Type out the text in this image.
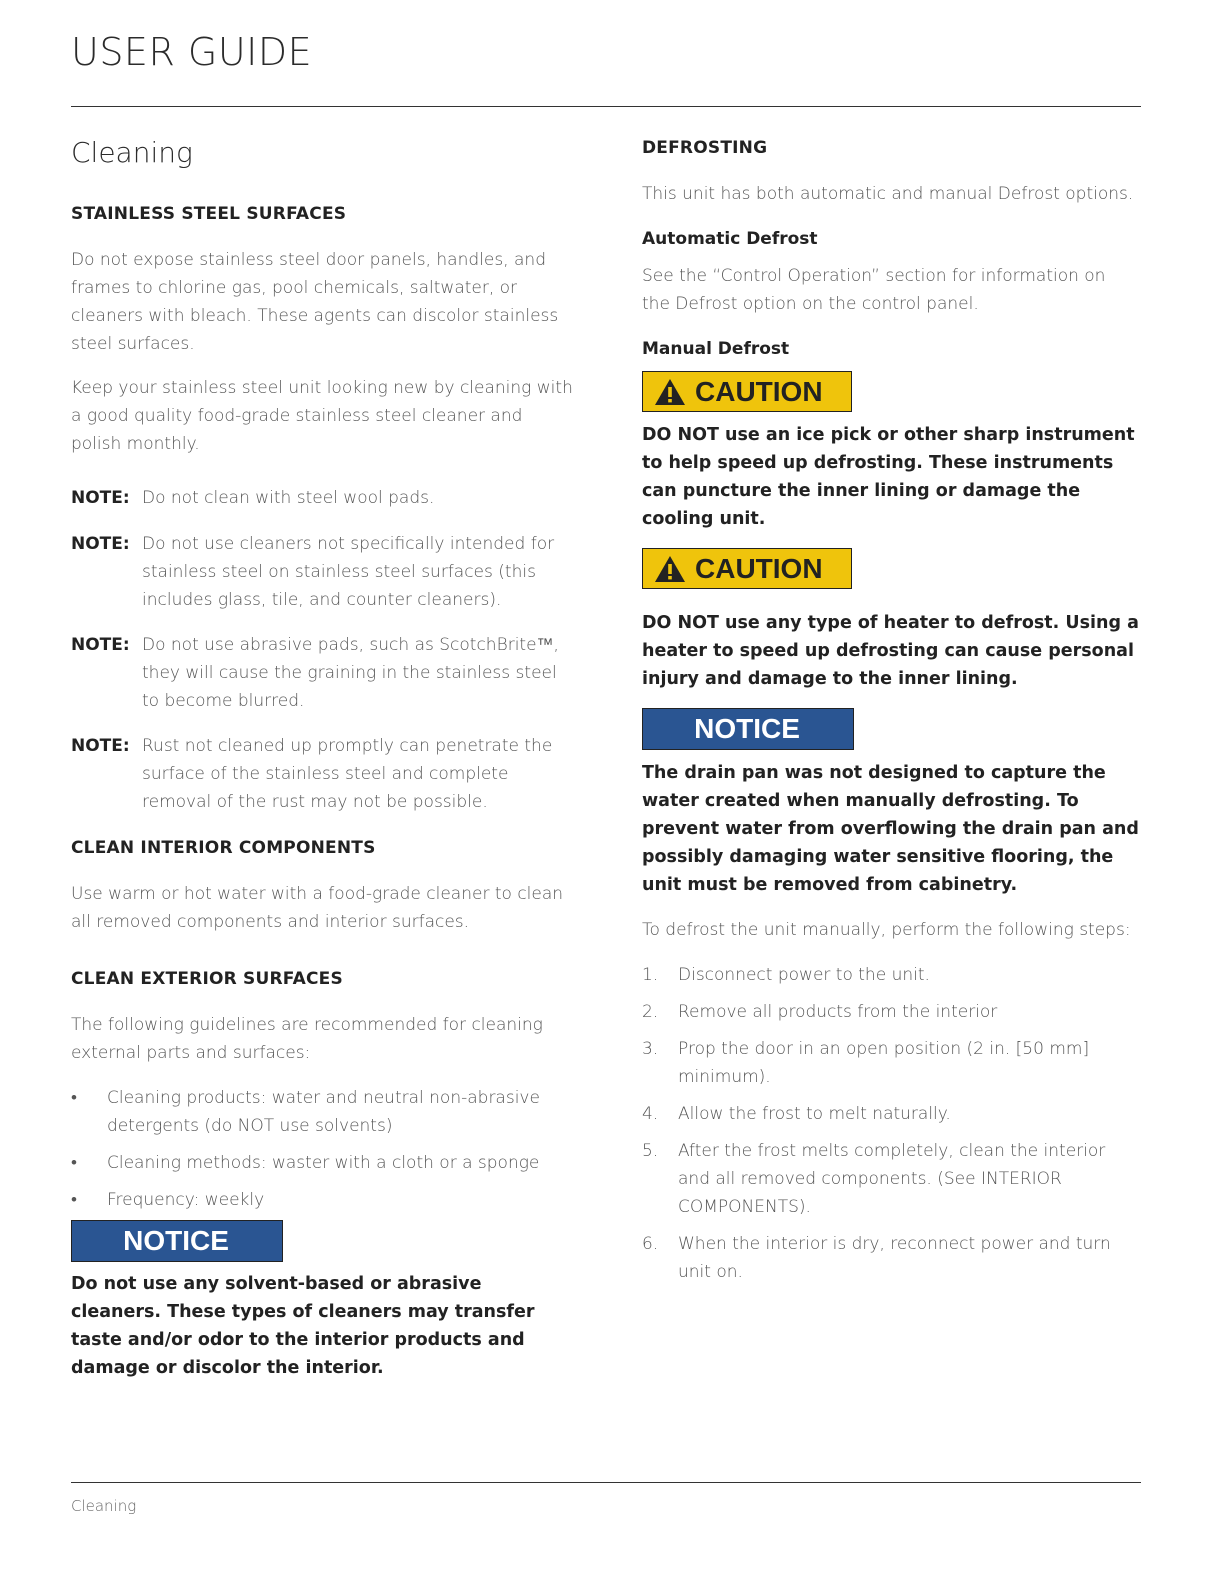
USER GUIDE
Cleaning
STAINLESS STEEL SURFACES

Do not expose stainless steel door panels, handles, and frames to chlorine gas, pool chemicals, saltwater, or cleaners with bleach. These agents can discolor stainless steel surfaces.

Keep your stainless steel unit looking new by cleaning with a good quality food-grade stainless steel cleaner and polish monthly.

NOTE: Do not clean with steel wool pads.
NOTE: Do not use cleaners not specifically intended for stainless steel on stainless steel surfaces (this includes glass, tile, and counter cleaners).
NOTE: Do not use abrasive pads, such as ScotchBrite™, they will cause the graining in the stainless steel to become blurred.
NOTE: Rust not cleaned up promptly can penetrate the surface of the stainless steel and complete removal of the rust may not be possible.
CLEAN INTERIOR COMPONENTS

Use warm or hot water with a food-grade cleaner to clean all removed components and interior surfaces.

CLEAN EXTERIOR SURFACES

The following guidelines are recommended for cleaning external parts and surfaces:

•	Cleaning products: water and neutral non-abrasive detergents (do NOT use solvents)
•	Cleaning methods: waster with a cloth or a sponge
•	Frequency: weekly
NOTICE

Do not use any solvent-based or abrasive cleaners. These types of cleaners may transfer taste and/or odor to the interior products and damage or discolor the interior.

DEFROSTING

This unit has both automatic and manual Defrost options.

Automatic Defrost

See the “Control Operation” section for information on the Defrost option on the control panel.

Manual Defrost
CAUTION

DO NOT use an ice pick or other sharp instrument to help speed up defrosting. These instruments can puncture the inner lining or damage the cooling unit.

CAUTION

DO NOT use any type of heater to defrost. Using a heater to speed up defrosting can cause personal injury and damage to the inner lining.

NOTICE

The drain pan was not designed to capture the water created when manually defrosting. To prevent water from overflowing the drain pan and possibly damaging water sensitive flooring, the unit must be removed from cabinetry.

To defrost the unit manually, perform the following steps:

1.	Disconnect power to the unit.
2.	Remove all products from the interior
3.	Prop the door in an open position (2 in. [50 mm] minimum).
4.	Allow the frost to melt naturally.
5.	After the frost melts completely, clean the interior and all removed components. (See INTERIOR COMPONENTS).
6.	When the interior is dry, reconnect power and turn unit on.
Cleaning
